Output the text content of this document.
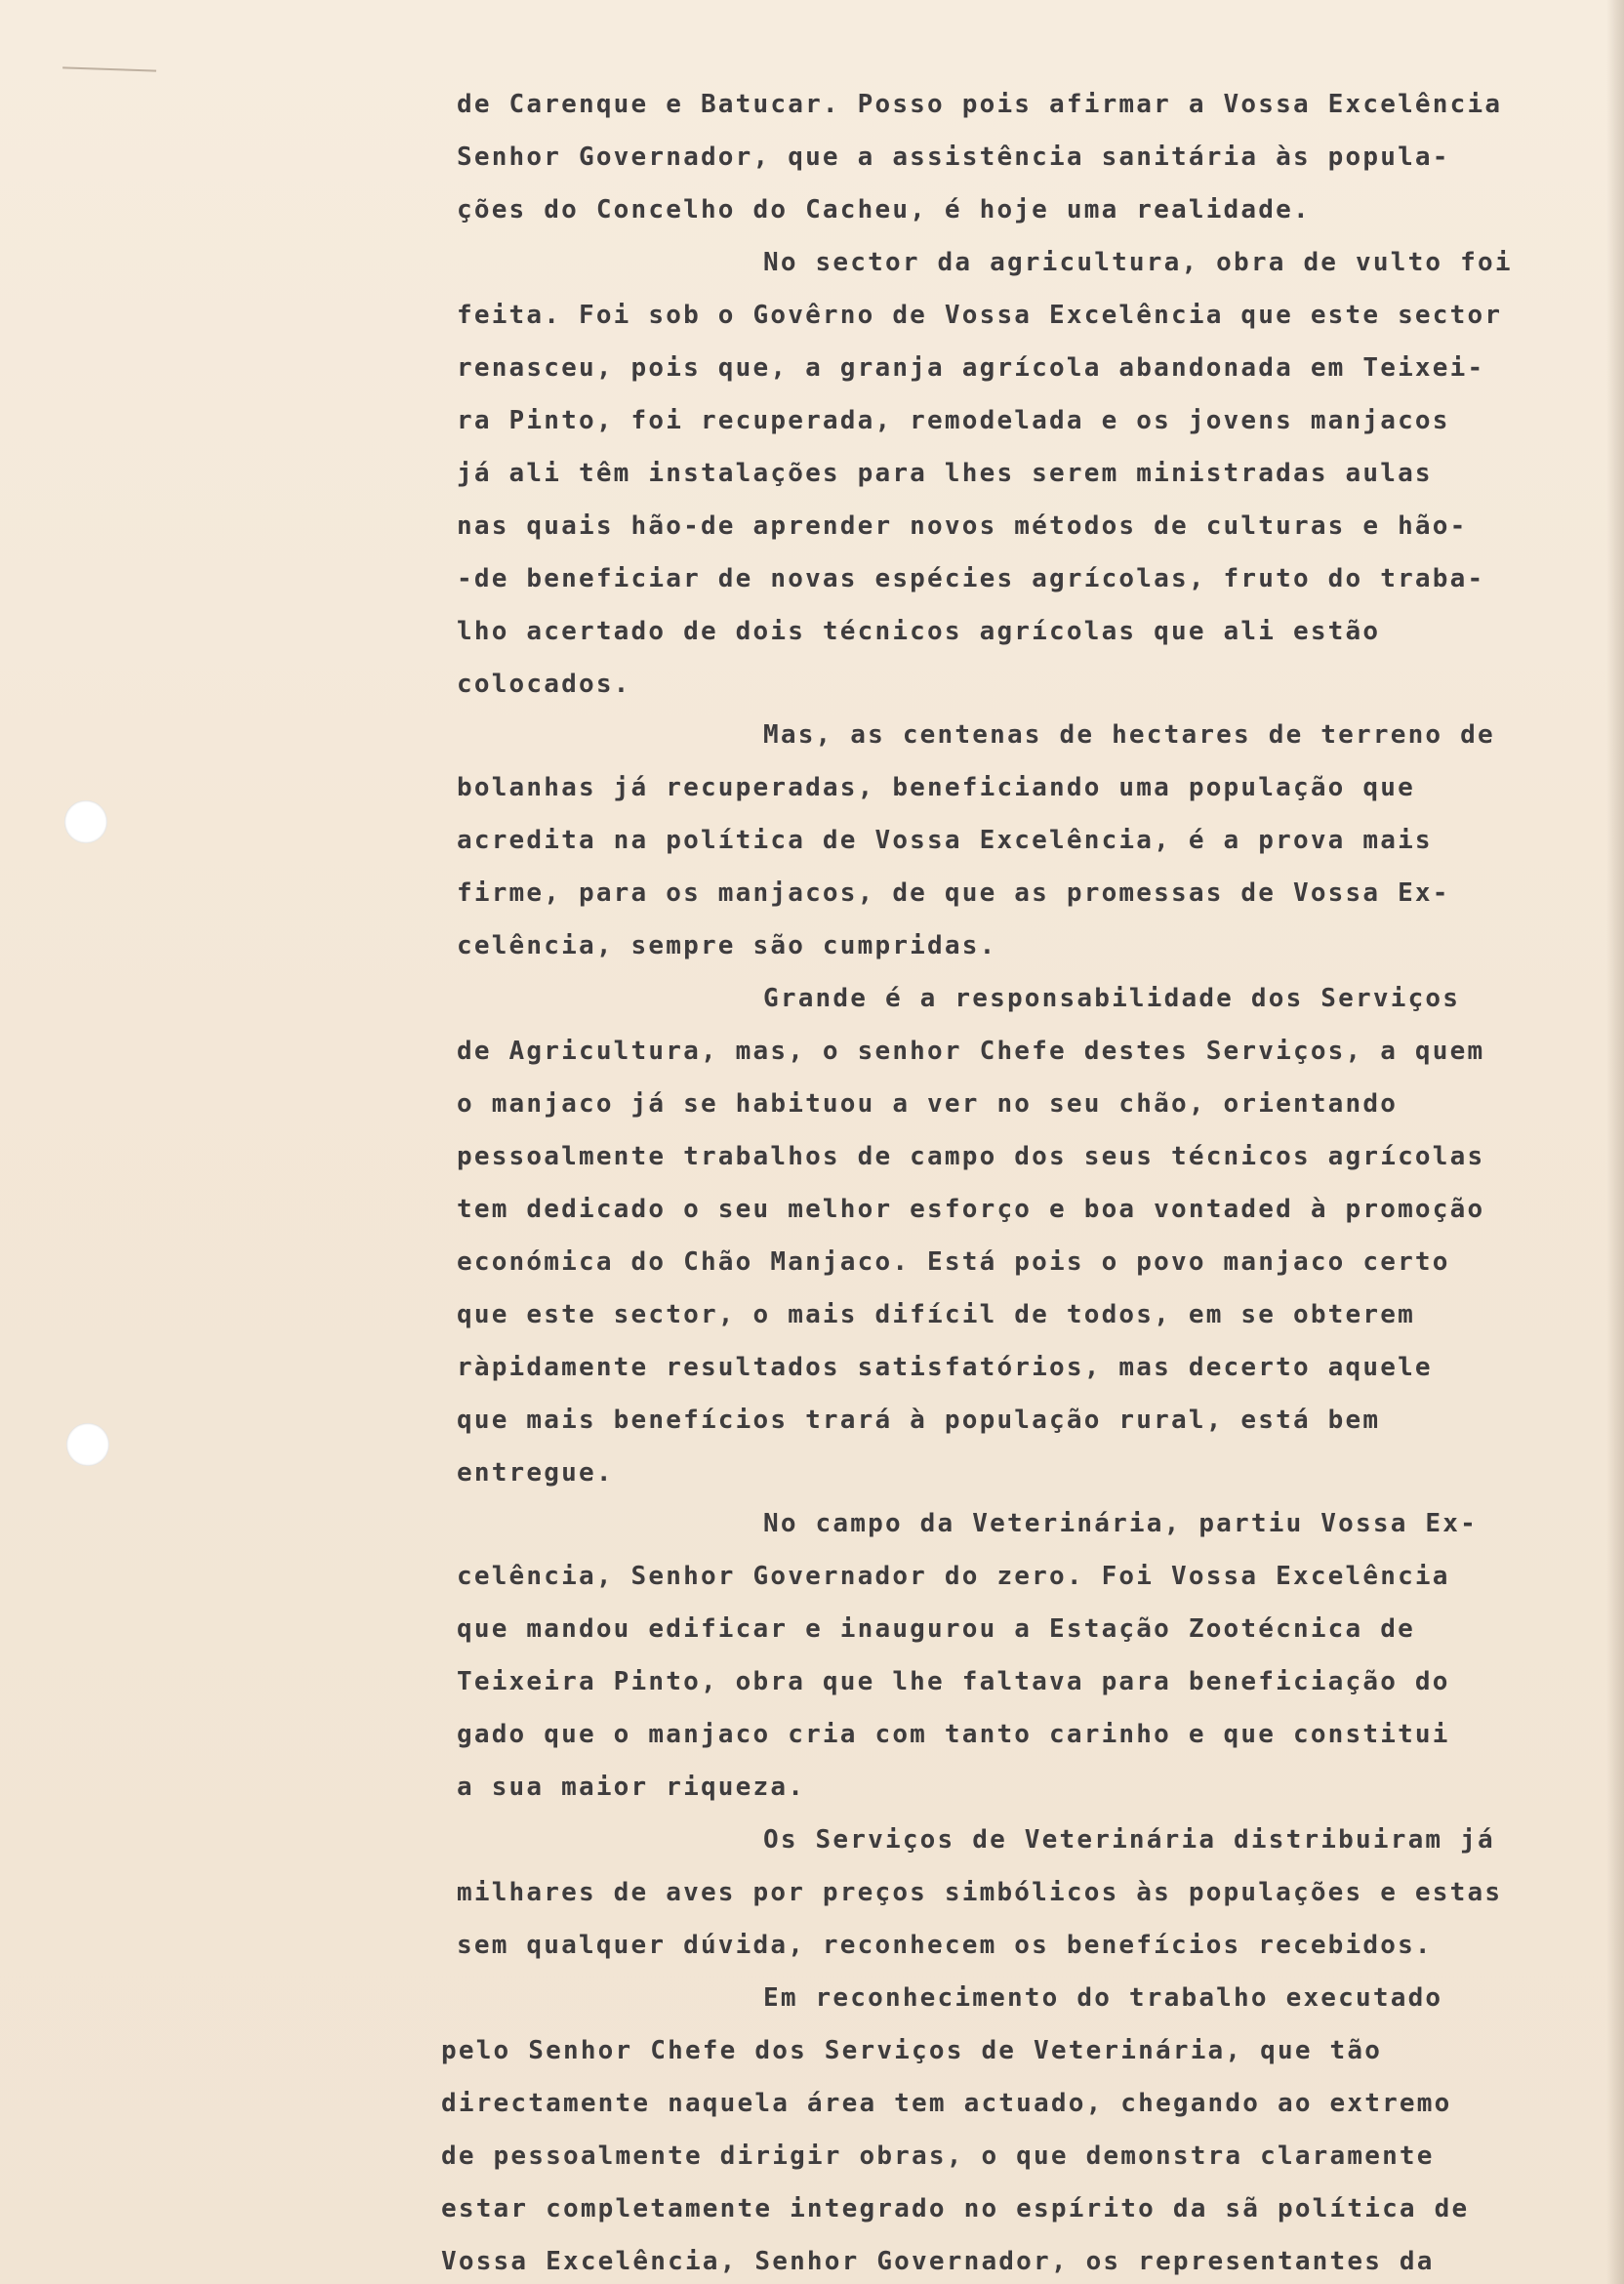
de Carenque e Batucar. Posso pois afirmar a Vossa Excelência
Senhor Governador, que a assistência sanitária às popula-
ções do Concelho do Cacheu, é hoje uma realidade.
No sector da agricultura, obra de vulto foi
feita. Foi sob o Govêrno de Vossa Excelência que este sector
renasceu, pois que, a granja agrícola abandonada em Teixei-
ra Pinto, foi recuperada, remodelada e os jovens manjacos
já ali têm instalações para lhes serem ministradas aulas
nas quais hão-de aprender novos métodos de culturas e hão-
-de beneficiar de novas espécies agrícolas, fruto do traba-
lho acertado de dois técnicos agrícolas que ali estão
colocados.
Mas, as centenas de hectares de terreno de
bolanhas já recuperadas, beneficiando uma população que
acredita na política de Vossa Excelência, é a prova mais
firme, para os manjacos, de que as promessas de Vossa Ex-
celência, sempre são cumpridas.
Grande é a responsabilidade dos Serviços
de Agricultura, mas, o senhor Chefe destes Serviços, a quem
o manjaco já se habituou a ver no seu chão, orientando
pessoalmente trabalhos de campo dos seus técnicos agrícolas
tem dedicado o seu melhor esforço e boa vontaded à promoção
económica do Chão Manjaco. Está pois o povo manjaco certo
que este sector, o mais difícil de todos, em se obterem
ràpidamente resultados satisfatórios, mas decerto aquele
que mais benefícios trará à população rural, está bem
entregue.
No campo da Veterinária, partiu Vossa Ex-
celência, Senhor Governador do zero. Foi Vossa Excelência
que mandou edificar e inaugurou a Estação Zootécnica de
Teixeira Pinto, obra que lhe faltava para beneficiação do
gado que o manjaco cria com tanto carinho e que constitui
a sua maior riqueza.
Os Serviços de Veterinária distribuiram já
milhares de aves por preços simbólicos às populações e estas
sem qualquer dúvida, reconhecem os benefícios recebidos.
Em reconhecimento do trabalho executado
pelo Senhor Chefe dos Serviços de Veterinária, que tão
directamente naquela área tem actuado, chegando ao extremo
de pessoalmente dirigir obras, o que demonstra claramente
estar completamente integrado no espírito da sã política de
Vossa Excelência, Senhor Governador, os representantes da
